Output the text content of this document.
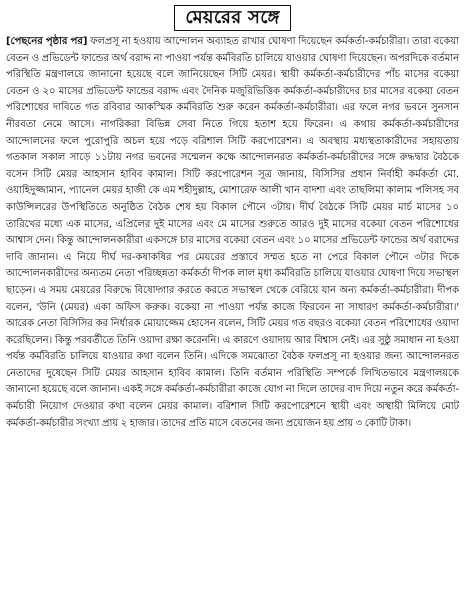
মেয়রের সঙ্গে
[পেছনের পৃষ্ঠার পর] ফলপ্রসূ না হওয়ায় আন্দোলন অব্যাহত রাখার ঘোষণা দিয়েছেন কর্মকর্তা-কর্মচারীরা। তারা বকেয়া বেতন ও প্রভিডেন্ট ফান্ডের অর্থ বরাদ্দ না পাওয়া পর্যন্ত কর্মবিরতি চালিয়ে যাওয়ার ঘোষণা দিয়েছেন। অপরদিকে বর্তমান পরিস্থিতি মন্ত্রণালয়ে জানানো হয়েছে বলে জানিয়েছেন সিটি মেয়র। স্থায়ী কর্মকর্তা-কর্মচারীদের পাঁচ মাসের বকেয়া বেতন ও ২০ মাসের প্রভিডেন্ট ফান্ডের বরাদ্দ এবং দৈনিক মজুরিভিত্তিক কর্মকর্তা-কর্মচারীদের চার মাসের বকেয়া বেতন পরিশোধের দাবিতে গত রবিবার আকস্মিক কর্মবিরতি শুরু করেন কর্মকর্তা-কর্মচারীরা। এর ফলে নগর ভবনে সুনসান নীরবতা নেমে আসে। নাগরিকরা বিভিন্ন সেবা নিতে গিয়ে হতাশ হয়ে ফিরেন। এ কথায় কর্মকর্তা-কর্মচারীদের আন্দোলনের ফলে পুরোপুরি অচল হয়ে পড়ে বরিশাল সিটি করপোরেশন। এ অবস্থায় মধ্যস্থতাকারীদের সহায়তায় গতকাল সকাল সাড়ে ১১টায় নগর ভবনের সম্মেলন কক্ষে আন্দোলনরত কর্মকর্তা-কর্মচারীদের সঙ্গে রুদ্ধদ্বার বৈঠকে বসেন সিটি মেয়র আহসান হাবিব কামাল। সিটি করপোরেশন সূত্র জানায়, বিসিসির প্রধান নির্বাহী কর্মকর্তা মো. ওয়াহিদুজ্জামান, প্যানেল মেয়র হাজী কে এম শহীদুল্লাহ, মোশারেফ আলী খান বাদশা এবং তাছলিমা কালাম পলিসহ সব কাউন্সিলরের উপস্থিতিতে অনুষ্ঠিত বৈঠক শেষ হয় বিকাল পৌনে ৩টায়। দীর্ঘ বৈঠকে সিটি মেয়র মার্চ মাসের ১০ তারিখের মধ্যে এক মাসের, এপ্রিলের দুই মাসের এবং মে মাসের শুরুতে আরও দুই মাসের বকেয়া বেতন পরিশোধের আশ্বাস দেন। কিন্তু আন্দোলনকারীরা একসঙ্গে চার মাসের বকেয়া বেতন এবং ১০ মাসের প্রভিডেন্ট ফান্ডের অর্থ বরাদ্দের দাবি জানান। এ নিয়ে দীর্ঘ দর-কষাকষির পর মেয়রের প্রস্তাবে সম্মত হতে না পেরে বিকাল পৌনে ৩টার দিকে আন্দোলনকারীদের অন্যতম নেতা পরিচ্ছন্নতা কর্মকর্তা দীপক লাল মৃধা কর্মবিরতি চালিয়ে যাওয়ার ঘোষণা দিয়ে সভাস্থল ছাড়েন। এ সময় মেয়রের বিরুদ্ধে বিষোদ্গার করতে করতে সভাস্থল থেকে বেরিয়ে যান অন্য কর্মকর্তা-কর্মচারীরা। দীপক বলেন, 'উনি (মেয়র) একা অফিস করুক। বকেয়া না পাওয়া পর্যন্ত কাজে ফিরবেন না সাধারণ কর্মকর্তা-কর্মচারীরা।' আরেক নেতা বিসিসির কর নির্ধারক মোয়াজ্জেম হোসেন বলেন, সিটি মেয়র গত বছরও বকেয়া বেতন পরিশোধের ওয়াদা করেছিলেন। কিন্তু পরবর্তীতে তিনি ওয়াদা রক্ষা করেননি। এ কারণে ওয়াদায় আর বিশ্বাস নেই। এর সুষ্ঠু সমাধান না হওয়া পর্যন্ত কর্মবিরতি চালিয়ে যাওয়ার কথা বলেন তিনি। এদিকে সমঝোতা বৈঠক ফলপ্রসূ না হওয়ার জন্য আন্দোলনরত নেতাদের দুষেছেন সিটি মেয়র আহসান হাবিব কামাল। তিনি বর্তমান পরিস্থিতি সম্পর্কে লিখিতভাবে মন্ত্রণালয়কে জানানো হয়েছে বলে জানান। একই সঙ্গে কর্মকর্তা-কর্মচারীরা কাজে যোগ না দিলে তাদের বাদ দিয়ে নতুন করে কর্মকর্তা-কর্মচারী নিয়োগ দেওয়ার কথা বলেন মেয়র কামাল। বরিশাল সিটি করপোরেশনে স্থায়ী এবং অস্থায়ী মিলিয়ে মোট কর্মকর্তা-কর্মচারীর সংখ্যা প্রায় ২ হাজার। তাদের প্রতি মাসে বেতনের জন্য প্রয়োজন হয় প্রায় ৩ কোটি টাকা।
